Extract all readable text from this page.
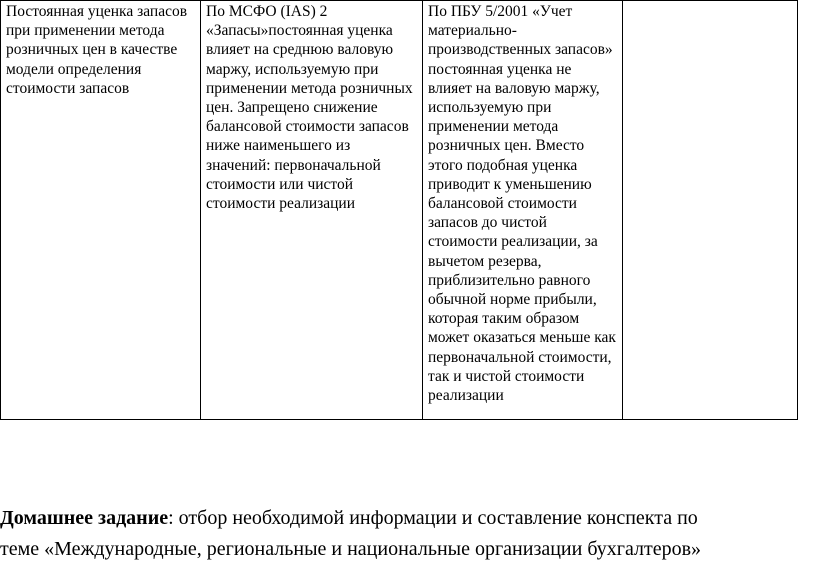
Постоянная уценка запасов при применении метода розничных цен в качестве модели определения стоимости запасов	По МСФО (IAS) 2 «Запасы»постоянная уценка влияет на среднюю валовую маржу, используемую при применении метода розничных цен. Запрещено снижение балансовой стоимости запасов ниже наименьшего из значений: первоначальной стоимости или чистой стоимости реализации	По ПБУ 5/2001 «Учет материально-производственных запасов» постоянная уценка не влияет на валовую маржу, используемую при применении метода розничных цен. Вместо этого подобная уценка приводит к уменьшению балансовой стоимости запасов до чистой стоимости реализации, за вычетом резерва, приблизительно равного обычной норме прибыли, которая таким образом может оказаться меньше как первоначальной стоимости, так и чистой стоимости реализации	
Домашнее задание: отбор необходимой информации и составление конспекта по
теме «Международные, региональные и национальные организации бухгалтеров»
